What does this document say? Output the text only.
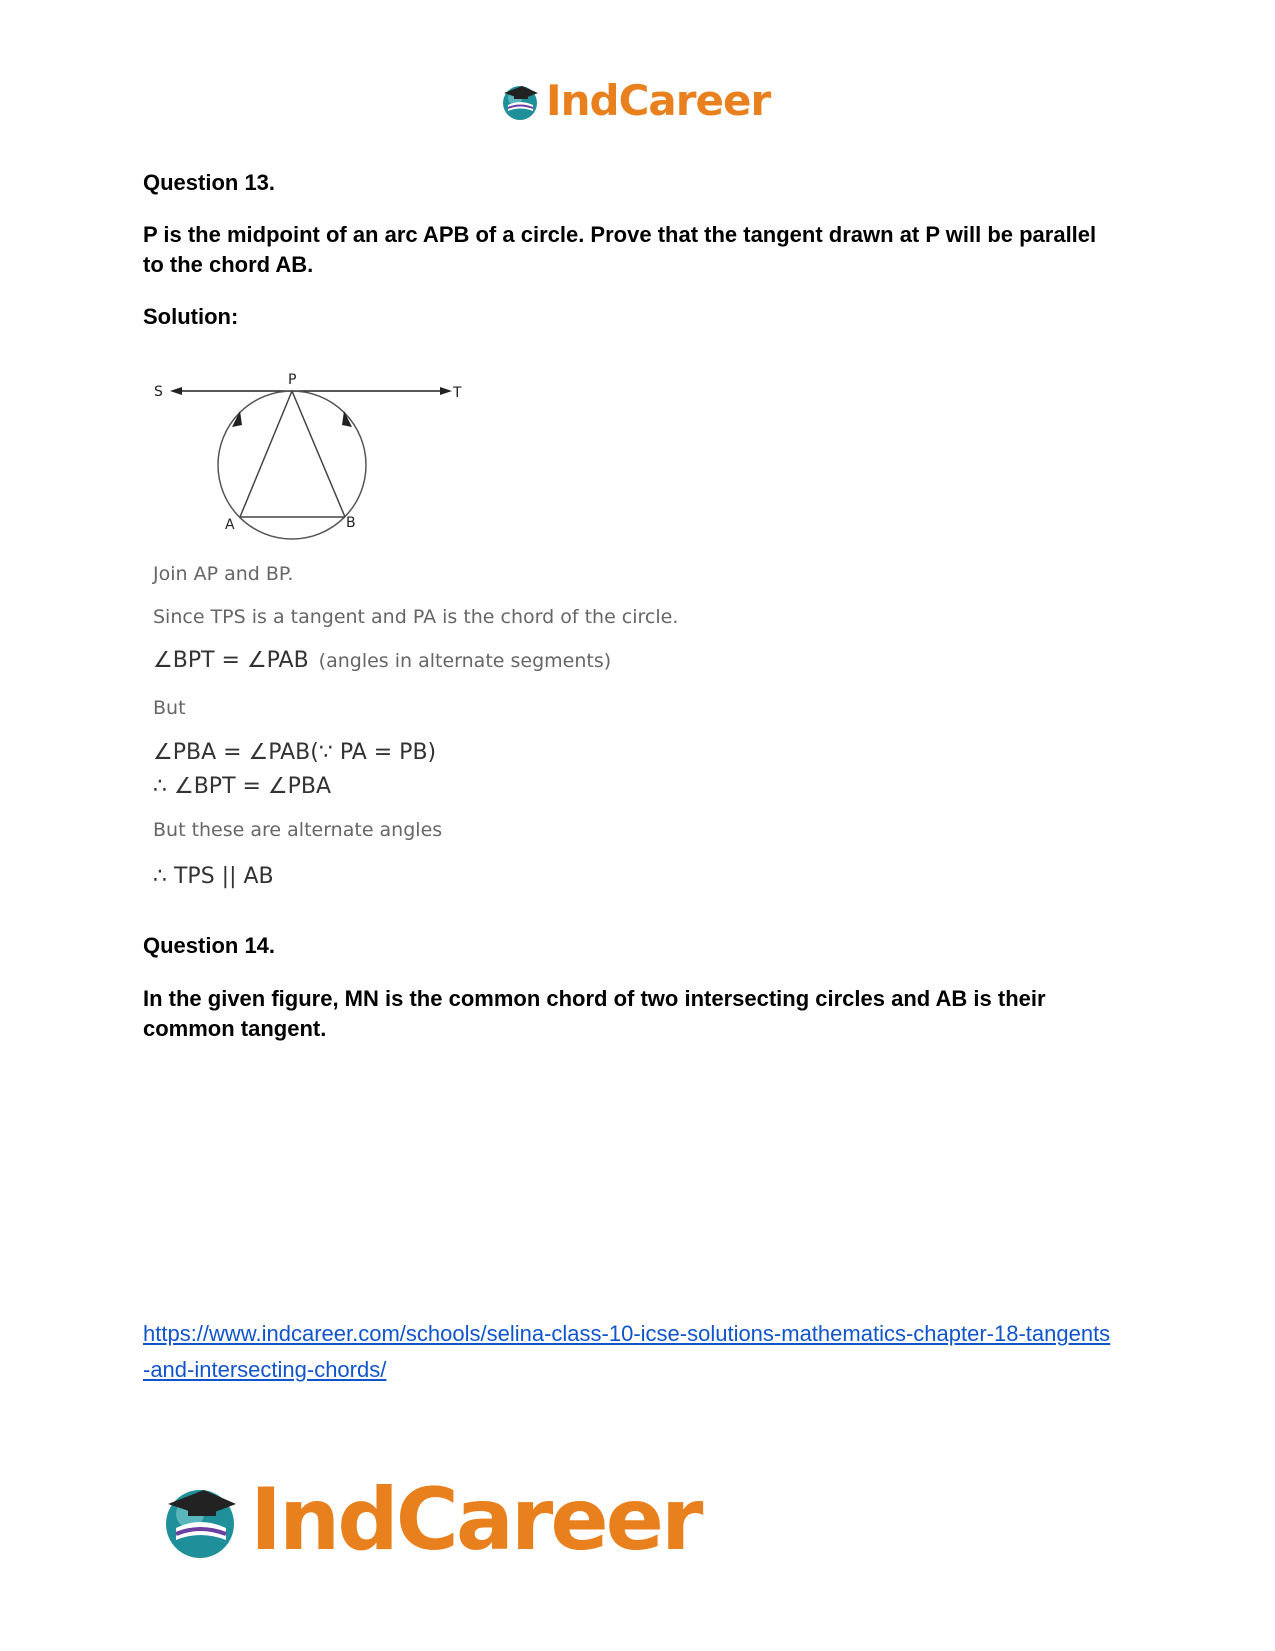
IndCareer
Question 13.
P is the midpoint of an arc APB of a circle. Prove that the tangent drawn at P will be parallel to the chord AB.
Solution:
S
P
T
A	B
Join AP and BP.
Since TPS is a tangent and PA is the chord of the circle.
∠BPT = ∠PAB (angles in alternate segments)
But
∠PBA = ∠PAB(∵ PA = PB)
∴ ∠BPT = ∠PBA
But these are alternate angles
∴ TPS || AB
Question 14.
In the given figure, MN is the common chord of two intersecting circles and AB is their common tangent.
https://www.indcareer.com/schools/selina-class-10-icse-solutions-mathematics-chapter-18-tangents-and-intersecting-chords/
IndCareer
